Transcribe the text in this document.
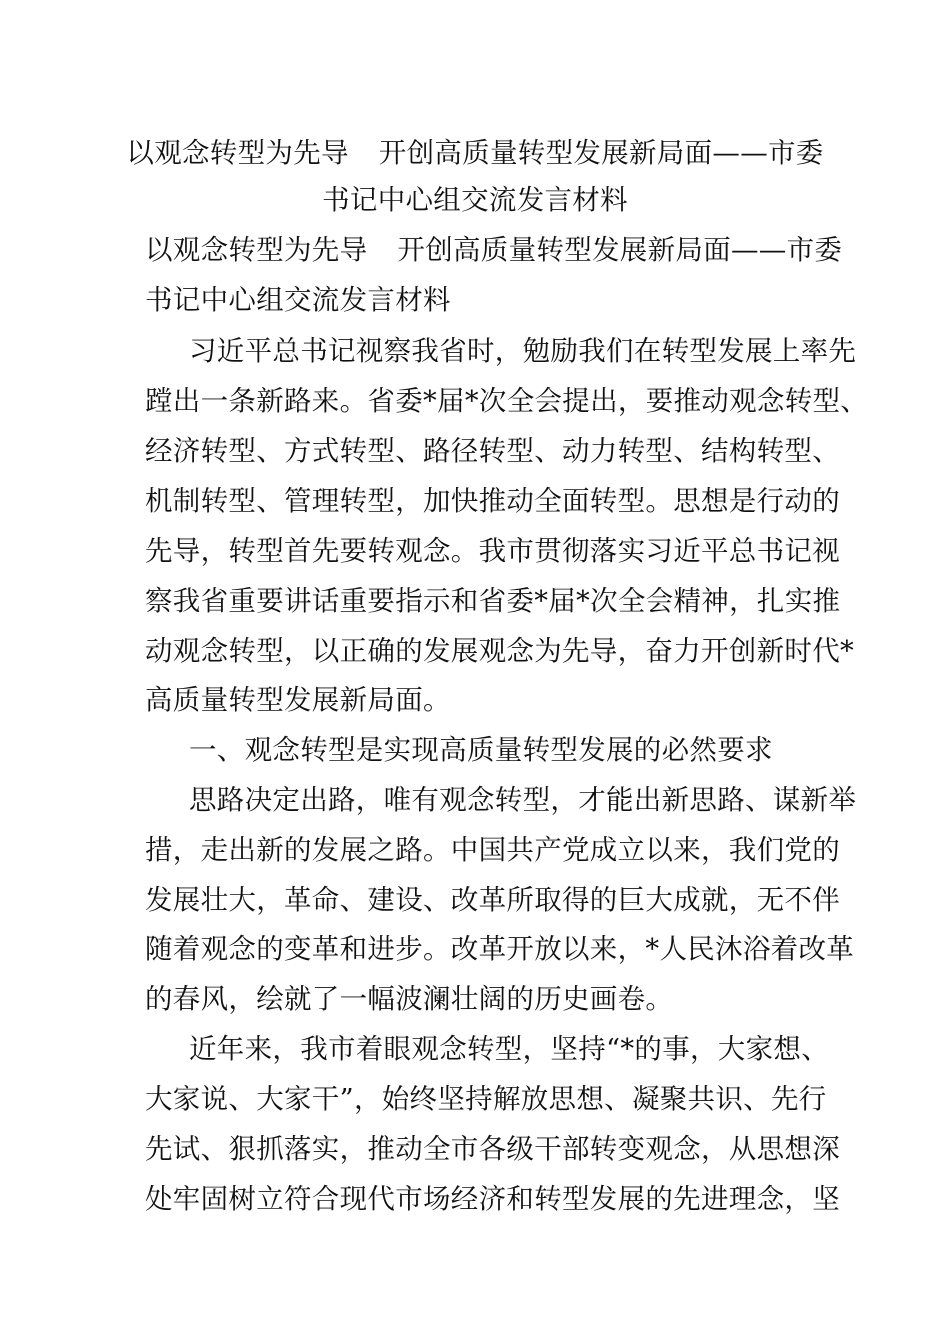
以观念转型为先导 开创高质量转型发展新局面——市委
书记中心组交流发言材料
以观念转型为先导 开创高质量转型发展新局面——市委
书记中心组交流发言材料
习近平总书记视察我省时，勉励我们在转型发展上率先
蹚出一条新路来。省委*届*次全会提出，要推动观念转型、
经济转型、方式转型、路径转型、动力转型、结构转型、
机制转型、管理转型，加快推动全面转型。思想是行动的
先导，转型首先要转观念。我市贯彻落实习近平总书记视
察我省重要讲话重要指示和省委*届*次全会精神，扎实推
动观念转型，以正确的发展观念为先导，奋力开创新时代*
高质量转型发展新局面。
一、观念转型是实现高质量转型发展的必然要求
思路决定出路，唯有观念转型，才能出新思路、谋新举
措，走出新的发展之路。中国共产党成立以来，我们党的
发展壮大，革命、建设、改革所取得的巨大成就，无不伴
随着观念的变革和进步。改革开放以来，*人民沐浴着改革
的春风，绘就了一幅波澜壮阔的历史画卷。
近年来，我市着眼观念转型，坚持“*的事，大家想、
大家说、大家干”，始终坚持解放思想、凝聚共识、先行
先试、狠抓落实，推动全市各级干部转变观念，从思想深
处牢固树立符合现代市场经济和转型发展的先进理念，坚
